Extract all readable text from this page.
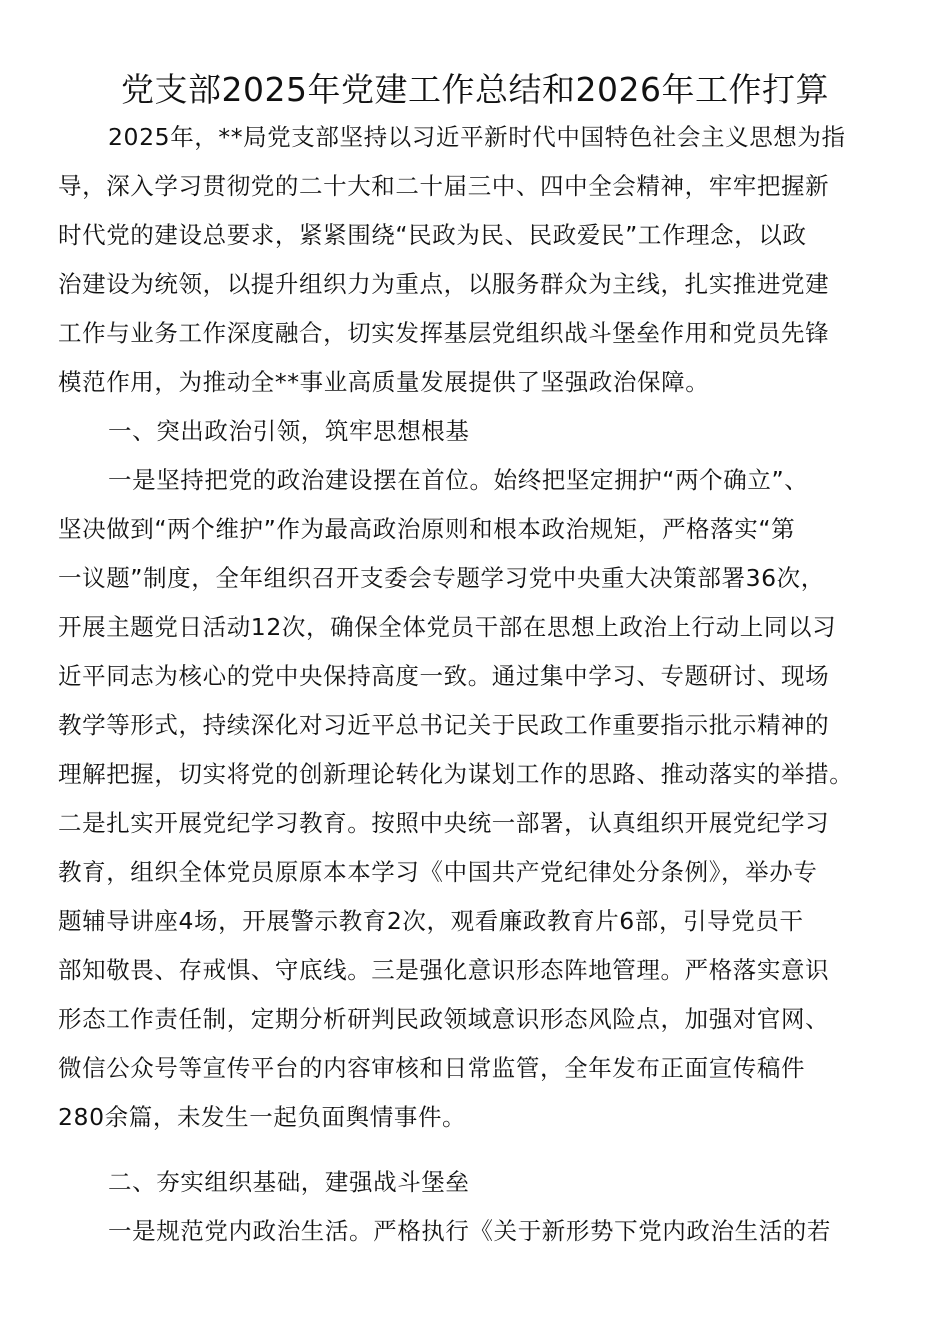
党支部2025年党建工作总结和2026年工作打算
2025年，**局党支部坚持以习近平新时代中国特色社会主义思想为指
导，深入学习贯彻党的二十大和二十届三中、四中全会精神，牢牢把握新
时代党的建设总要求，紧紧围绕“民政为民、民政爱民”工作理念，以政
治建设为统领，以提升组织力为重点，以服务群众为主线，扎实推进党建
工作与业务工作深度融合，切实发挥基层党组织战斗堡垒作用和党员先锋
模范作用，为推动全**事业高质量发展提供了坚强政治保障。
一、突出政治引领，筑牢思想根基
一是坚持把党的政治建设摆在首位。始终把坚定拥护“两个确立”、
坚决做到“两个维护”作为最高政治原则和根本政治规矩，严格落实“第
一议题”制度，全年组织召开支委会专题学习党中央重大决策部署36次，
开展主题党日活动12次，确保全体党员干部在思想上政治上行动上同以习
近平同志为核心的党中央保持高度一致。通过集中学习、专题研讨、现场
教学等形式，持续深化对习近平总书记关于民政工作重要指示批示精神的
理解把握，切实将党的创新理论转化为谋划工作的思路、推动落实的举措。
二是扎实开展党纪学习教育。按照中央统一部署，认真组织开展党纪学习
教育，组织全体党员原原本本学习《中国共产党纪律处分条例》，举办专
题辅导讲座4场，开展警示教育2次，观看廉政教育片6部，引导党员干
部知敬畏、存戒惧、守底线。三是强化意识形态阵地管理。严格落实意识
形态工作责任制，定期分析研判民政领域意识形态风险点，加强对官网、
微信公众号等宣传平台的内容审核和日常监管，全年发布正面宣传稿件
280余篇，未发生一起负面舆情事件。
二、夯实组织基础，建强战斗堡垒
一是规范党内政治生活。严格执行《关于新形势下党内政治生活的若
